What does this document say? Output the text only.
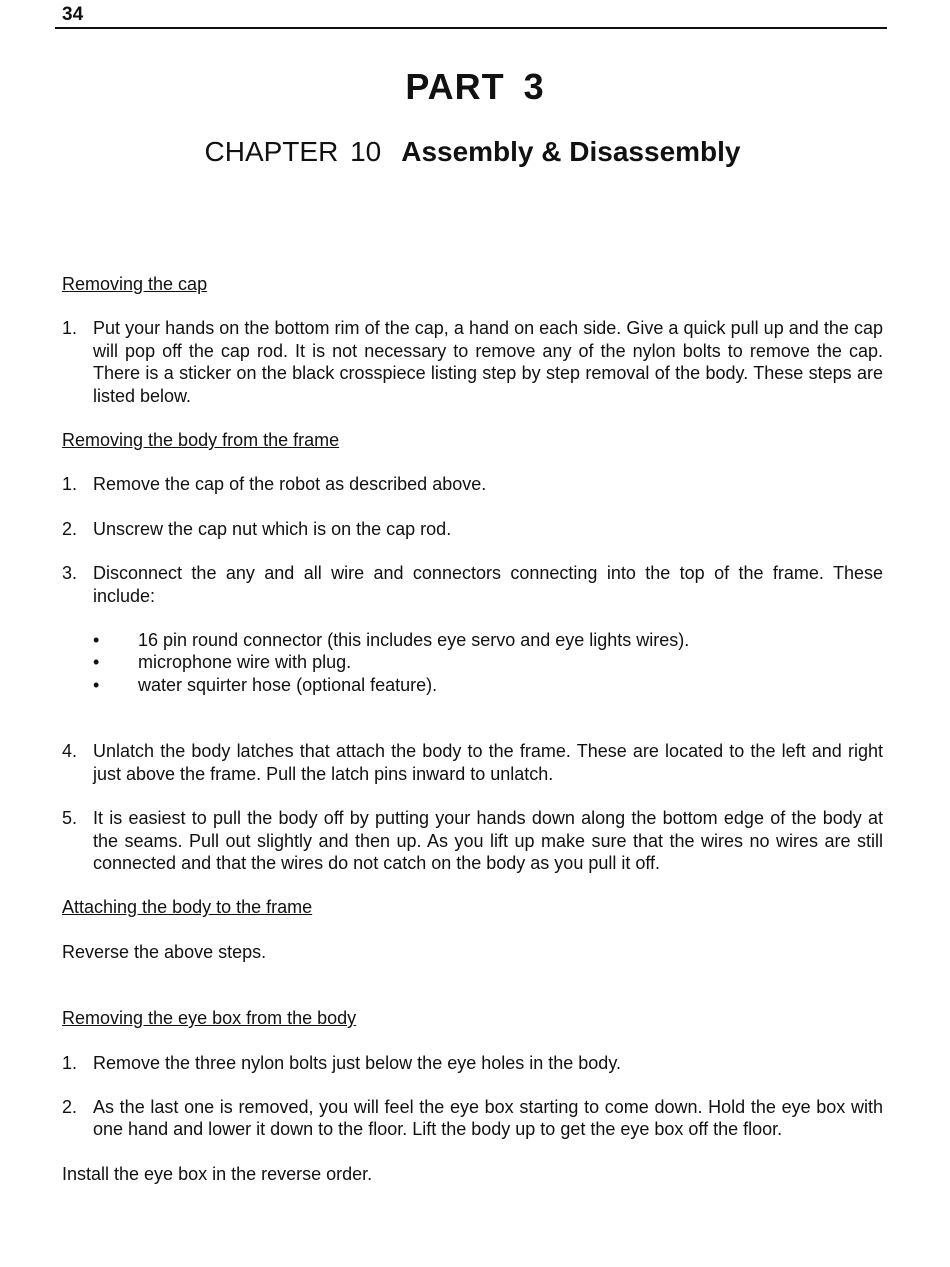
34
PART 3
CHAPTER 10 Assembly & Disassembly
Removing the cap
1. Put your hands on the bottom rim of the cap, a hand on each side. Give a quick pull up and the cap will pop off the cap rod. It is not necessary to remove any of the nylon bolts to remove the cap. There is a sticker on the black crosspiece listing step by step removal of the body. These steps are listed below.
Removing the body from the frame
1. Remove the cap of the robot as described above.
2. Unscrew the cap nut which is on the cap rod.
3. Disconnect the any and all wire and connectors connecting into the top of the frame. These include:
• 16 pin round connector (this includes eye servo and eye lights wires).
• microphone wire with plug.
• water squirter hose (optional feature).
4. Unlatch the body latches that attach the body to the frame. These are located to the left and right just above the frame. Pull the latch pins inward to unlatch.
5. It is easiest to pull the body off by putting your hands down along the bottom edge of the body at the seams. Pull out slightly and then up. As you lift up make sure that the wires no wires are still connected and that the wires do not catch on the body as you pull it off.
Attaching the body to the frame
Reverse the above steps.
Removing the eye box from the body
1. Remove the three nylon bolts just below the eye holes in the body.
2. As the last one is removed, you will feel the eye box starting to come down. Hold the eye box with one hand and lower it down to the floor. Lift the body up to get the eye box off the floor.
Install the eye box in the reverse order.
